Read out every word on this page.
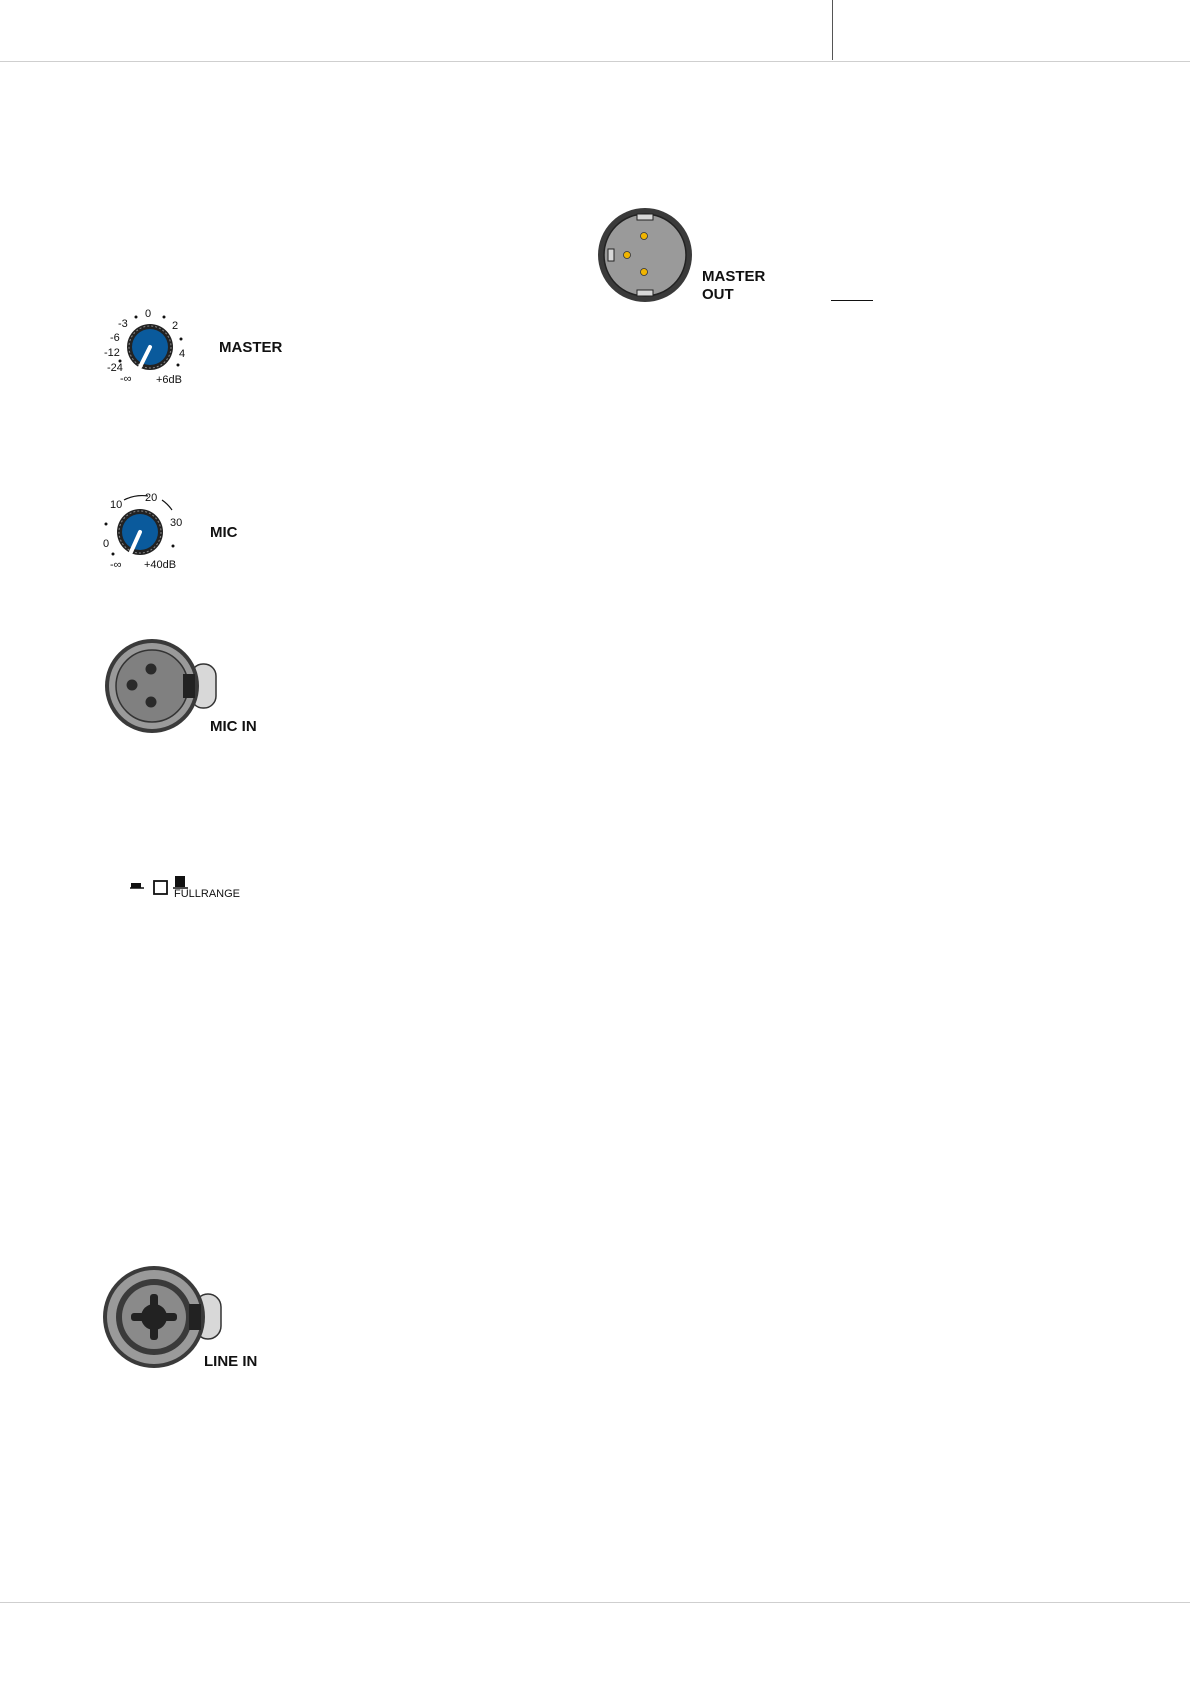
-3
0
2
-6
4
-12
-24
-∞ +6dB
MASTER
10
20
30
0
-∞ +40dB
MIC
MIC IN
FULLRANGE
LINE IN
MASTER
OUT
